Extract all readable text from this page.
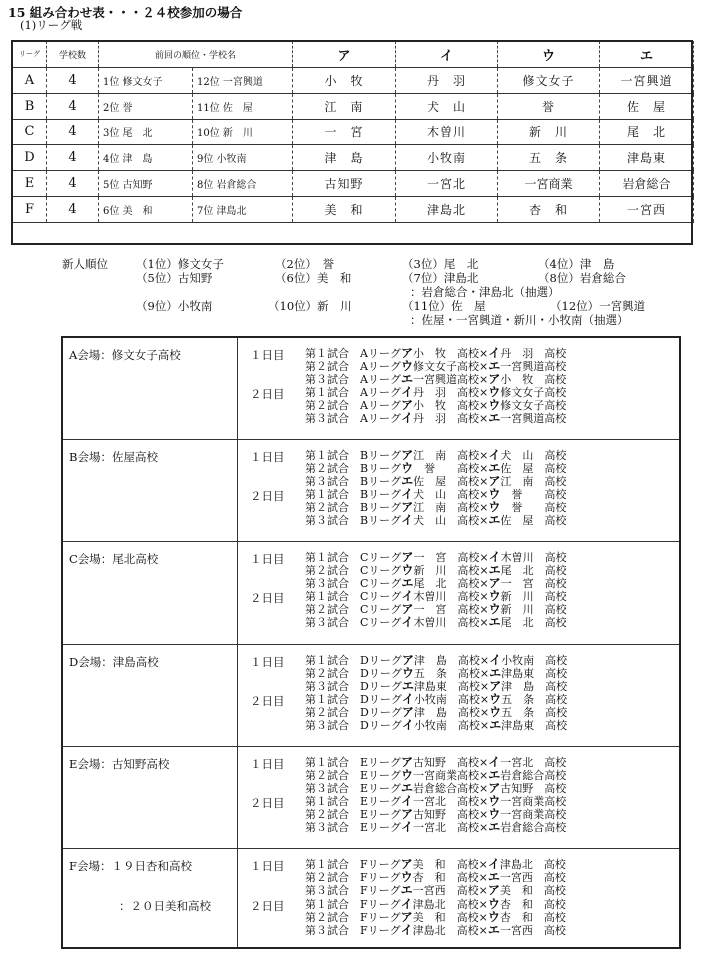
15 組み合わせ表・・・２４校参加の場合
(1)リーグ戦
リーグ	学校数	前回の順位・学校名		ア	イ	ウ	エ
A	4	1位 修文女子	12位 一宮興道	小　牧	丹　羽	修文女子	一宮興道
B	4	2位 誉	11位 佐　屋	江　南	犬　山	誉	佐　屋
C	4	3位 尾　北	10位 新　川	一　宮	木曽川	新　川	尾　北
D	4	4位 津　島	9位 小牧南	津　島	小牧南	五　条	津島東
E	4	5位 古知野	8位 岩倉総合	古知野	一宮北	一宮商業	岩倉総合
F	4	6位 美　和	7位 津島北	美　和	津島北	杏　和	一宮西
新人順位 （1位）修文女子	（2位）　誉	（3位）尾　北	（4位）津　島
（5位）古知野	（6位）美　和	（7位）津島北	（8位）岩倉総合
：岩倉総合・津島北（抽選）
（9位）小牧南	（10位）新　川	（11位）佐　屋	（12位）一宮興道
：佐屋・一宮興道・新川・小牧南（抽選）
A会場：修文女子高校	１日目
２日目
第１試合　Aリーグア小　牧　高校×イ丹　羽　高校
第２試合　Aリーグウ修文女子高校×エ一宮興道高校
第３試合　Aリーグエ一宮興道高校×ア小　牧　高校
第１試合　Aリーグイ丹　羽　高校×ウ修文女子高校
第２試合　Aリーグア小　牧　高校×ウ修文女子高校
第３試合　Aリーグイ丹　羽　高校×エ一宮興道高校
B会場：佐屋高校	１日目
２日目
第１試合　Bリーグア江　南　高校×イ犬　山　高校
第２試合　Bリーグウ　誉　　高校×エ佐　屋　高校
第３試合　Bリーグエ佐　屋　高校×ア江　南　高校
第１試合　Bリーグイ犬　山　高校×ウ　誉　　高校
第２試合　Bリーグア江　南　高校×ウ　誉　　高校
第３試合　Bリーグイ犬　山　高校×エ佐　屋　高校
C会場：尾北高校	１日目
２日目
第１試合　Cリーグア一　宮　高校×イ木曽川　高校
第２試合　Cリーグウ新　川　高校×エ尾　北　高校
第３試合　Cリーグエ尾　北　高校×ア一　宮　高校
第１試合　Cリーグイ木曽川　高校×ウ新　川　高校
第２試合　Cリーグア一　宮　高校×ウ新　川　高校
第３試合　Cリーグイ木曽川　高校×エ尾　北　高校
D会場：津島高校	１日目
２日目
第１試合　Dリーグア津　島　高校×イ小牧南　高校
第２試合　Dリーグウ五　条　高校×エ津島東　高校
第３試合　Dリーグエ津島東　高校×ア津　島　高校
第１試合　Dリーグイ小牧南　高校×ウ五　条　高校
第２試合　Dリーグア津　島　高校×ウ五　条　高校
第３試合　Dリーグイ小牧南　高校×エ津島東　高校
E会場：古知野高校	１日目
２日目
第１試合　Eリーグア古知野　高校×イ一宮北　高校
第２試合　Eリーグウ一宮商業高校×エ岩倉総合高校
第３試合　Eリーグエ岩倉総合高校×ア古知野　高校
第１試合　Eリーグイ一宮北　高校×ウ一宮商業高校
第２試合　Eリーグア古知野　高校×ウ一宮商業高校
第３試合　Eリーグイ一宮北　高校×エ岩倉総合高校
F会場：１９日杏和高校
：２０日美和高校
１日目
２日目
第１試合　Fリーグア美　和　高校×イ津島北　高校
第２試合　Fリーグウ杏　和　高校×エ一宮西　高校
第３試合　Fリーグエ一宮西　高校×ア美　和　高校
第１試合　Fリーグイ津島北　高校×ウ杏　和　高校
第２試合　Fリーグア美　和　高校×ウ杏　和　高校
第３試合　Fリーグイ津島北　高校×エ一宮西　高校
